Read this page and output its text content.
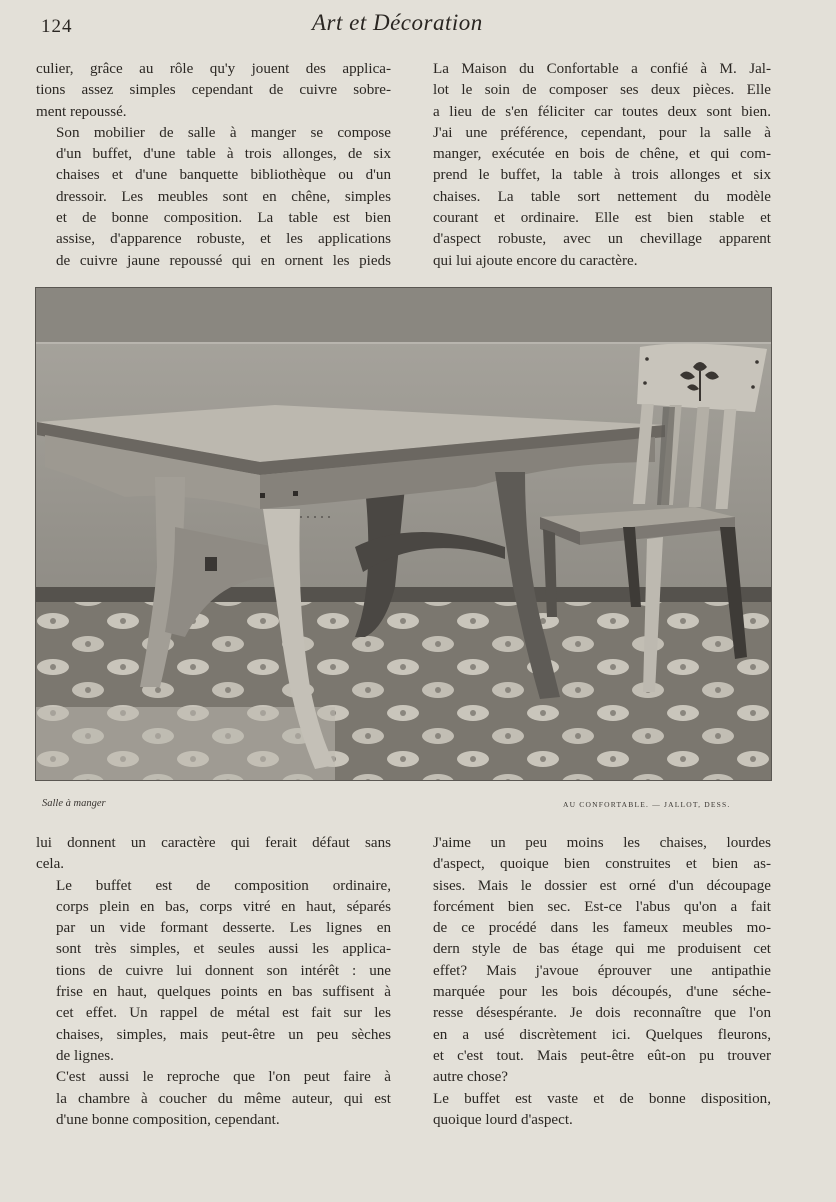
124	Art et Décoration

culier, grâce au rôle qu'y jouent des applica-
tions assez simples cependant de cuivre sobre-
ment repoussé.

Son mobilier de salle à manger se compose
d'un buffet, d'une table à trois allonges, de six
chaises et d'une banquette bibliothèque ou d'un
dressoir. Les meubles sont en chêne, simples
et de bonne composition. La table est bien
assise, d'apparence robuste, et les applications
de cuivre jaune repoussé qui en ornent les pieds

La Maison du Confortable a confié à M. Jal-
lot le soin de composer ses deux pièces. Elle
a lieu de s'en féliciter car toutes deux sont bien.
J'ai une préférence, cependant, pour la salle à
manger, exécutée en bois de chêne, et qui com-
prend le buffet, la table à trois allonges et six
chaises. La table sort nettement du modèle
courant et ordinaire. Elle est bien stable et
d'aspect robuste, avec un chevillage apparent
qui lui ajoute encore du caractère.

Salle à manger	AU CONFORTABLE. — JALLOT, DESS.

lui donnent un caractère qui ferait défaut sans
cela.

Le buffet est de composition ordinaire,
corps plein en bas, corps vitré en haut, séparés
par un vide formant desserte. Les lignes en
sont très simples, et seules aussi les applica-
tions de cuivre lui donnent son intérêt : une
frise en haut, quelques points en bas suffisent à
cet effet. Un rappel de métal est fait sur les
chaises, simples, mais peut-être un peu sèches
de lignes.

C'est aussi le reproche que l'on peut faire à
la chambre à coucher du même auteur, qui est
d'une bonne composition, cependant.

J'aime un peu moins les chaises, lourdes
d'aspect, quoique bien construites et bien as-
sises. Mais le dossier est orné d'un découpage
forcément bien sec. Est-ce l'abus qu'on a fait
de ce procédé dans les fameux meubles mo-
dern style de bas étage qui me produisent cet
effet? Mais j'avoue éprouver une antipathie
marquée pour les bois découpés, d'une séche-
resse désespérante. Je dois reconnaître que l'on
en a usé discrètement ici. Quelques fleurons,
et c'est tout. Mais peut-être eût-on pu trouver
autre chose?

Le buffet est vaste et de bonne disposition,
quoique lourd d'aspect.
